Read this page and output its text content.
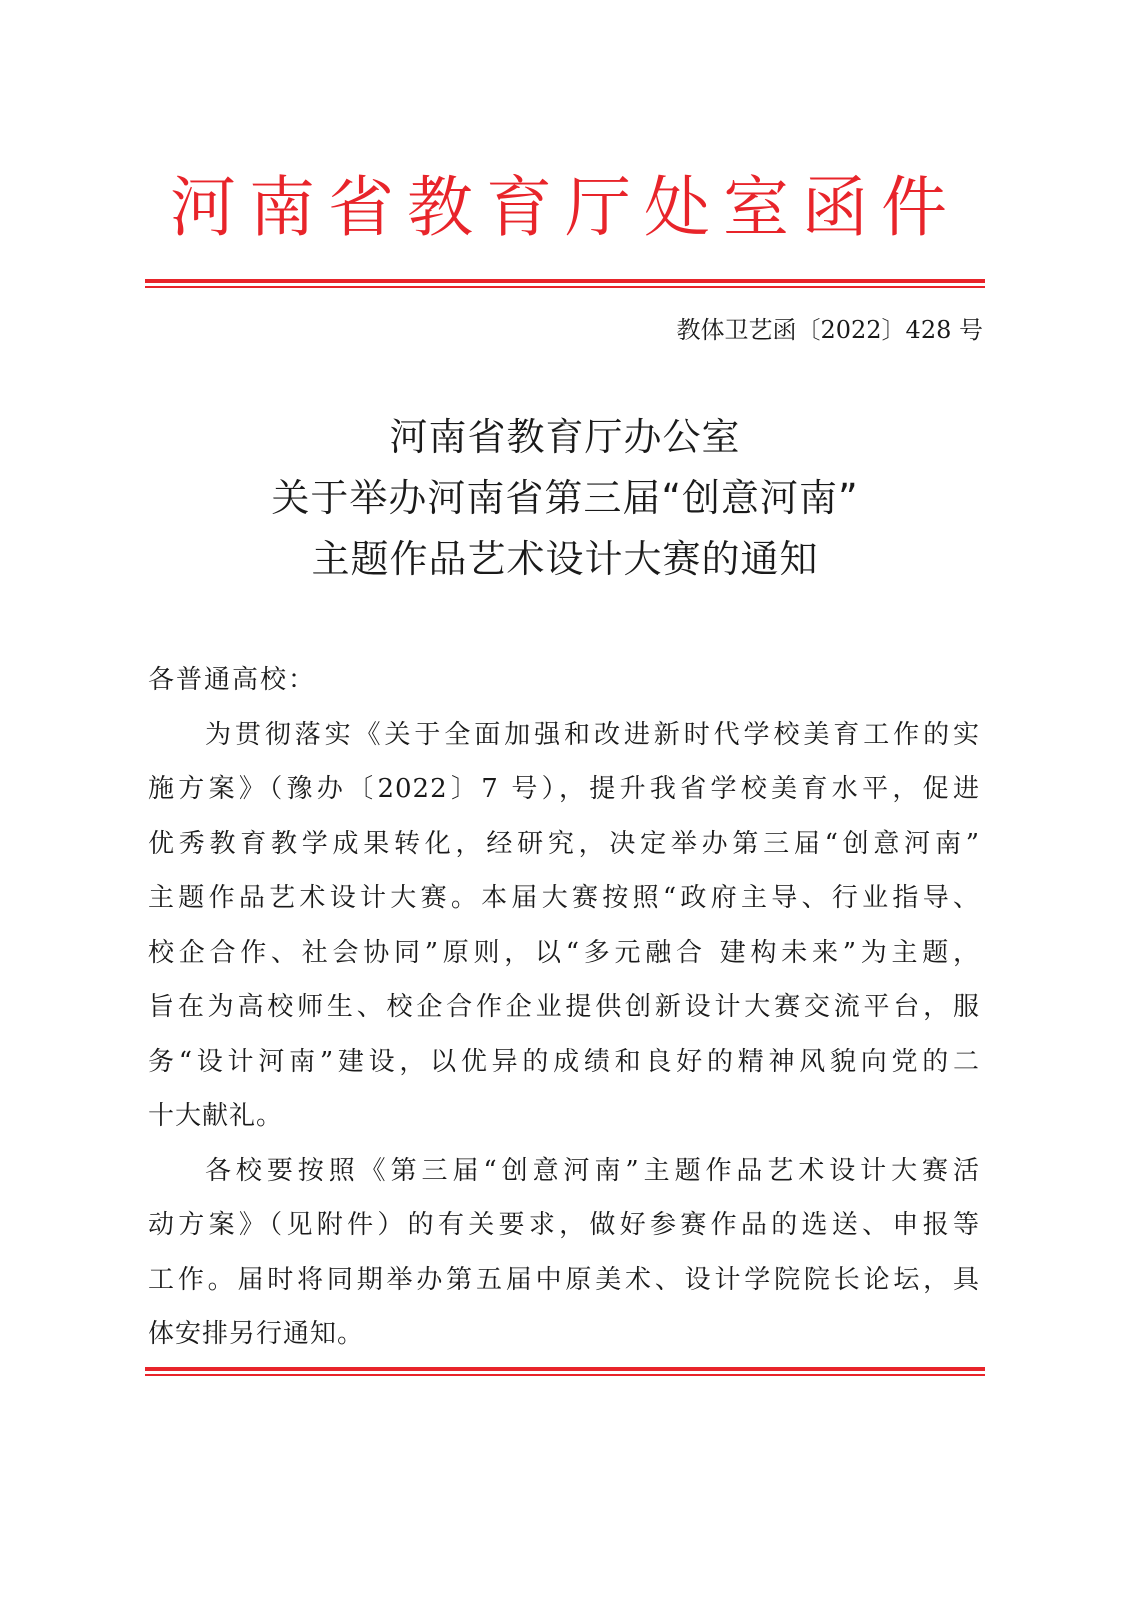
河南省教育厅处室函件
教体卫艺函〔2022〕428 号
河南省教育厅办公室
关于举办河南省第三届“创意河南”
主题作品艺术设计大赛的通知
各普通高校：
为贯彻落实《关于全面加强和改进新时代学校美育工作的实
施方案》（豫办〔2022〕7 号），提升我省学校美育水平，促进
优秀教育教学成果转化，经研究，决定举办第三届“创意河南”
主题作品艺术设计大赛。本届大赛按照“政府主导、行业指导、
校企合作、社会协同”原则，以“多元融合 建构未来”为主题，
旨在为高校师生、校企合作企业提供创新设计大赛交流平台，服
务“设计河南”建设，以优异的成绩和良好的精神风貌向党的二
十大献礼。
各校要按照《第三届“创意河南”主题作品艺术设计大赛活
动方案》（见附件）的有关要求，做好参赛作品的选送、申报等
工作。届时将同期举办第五届中原美术、设计学院院长论坛，具
体安排另行通知。
